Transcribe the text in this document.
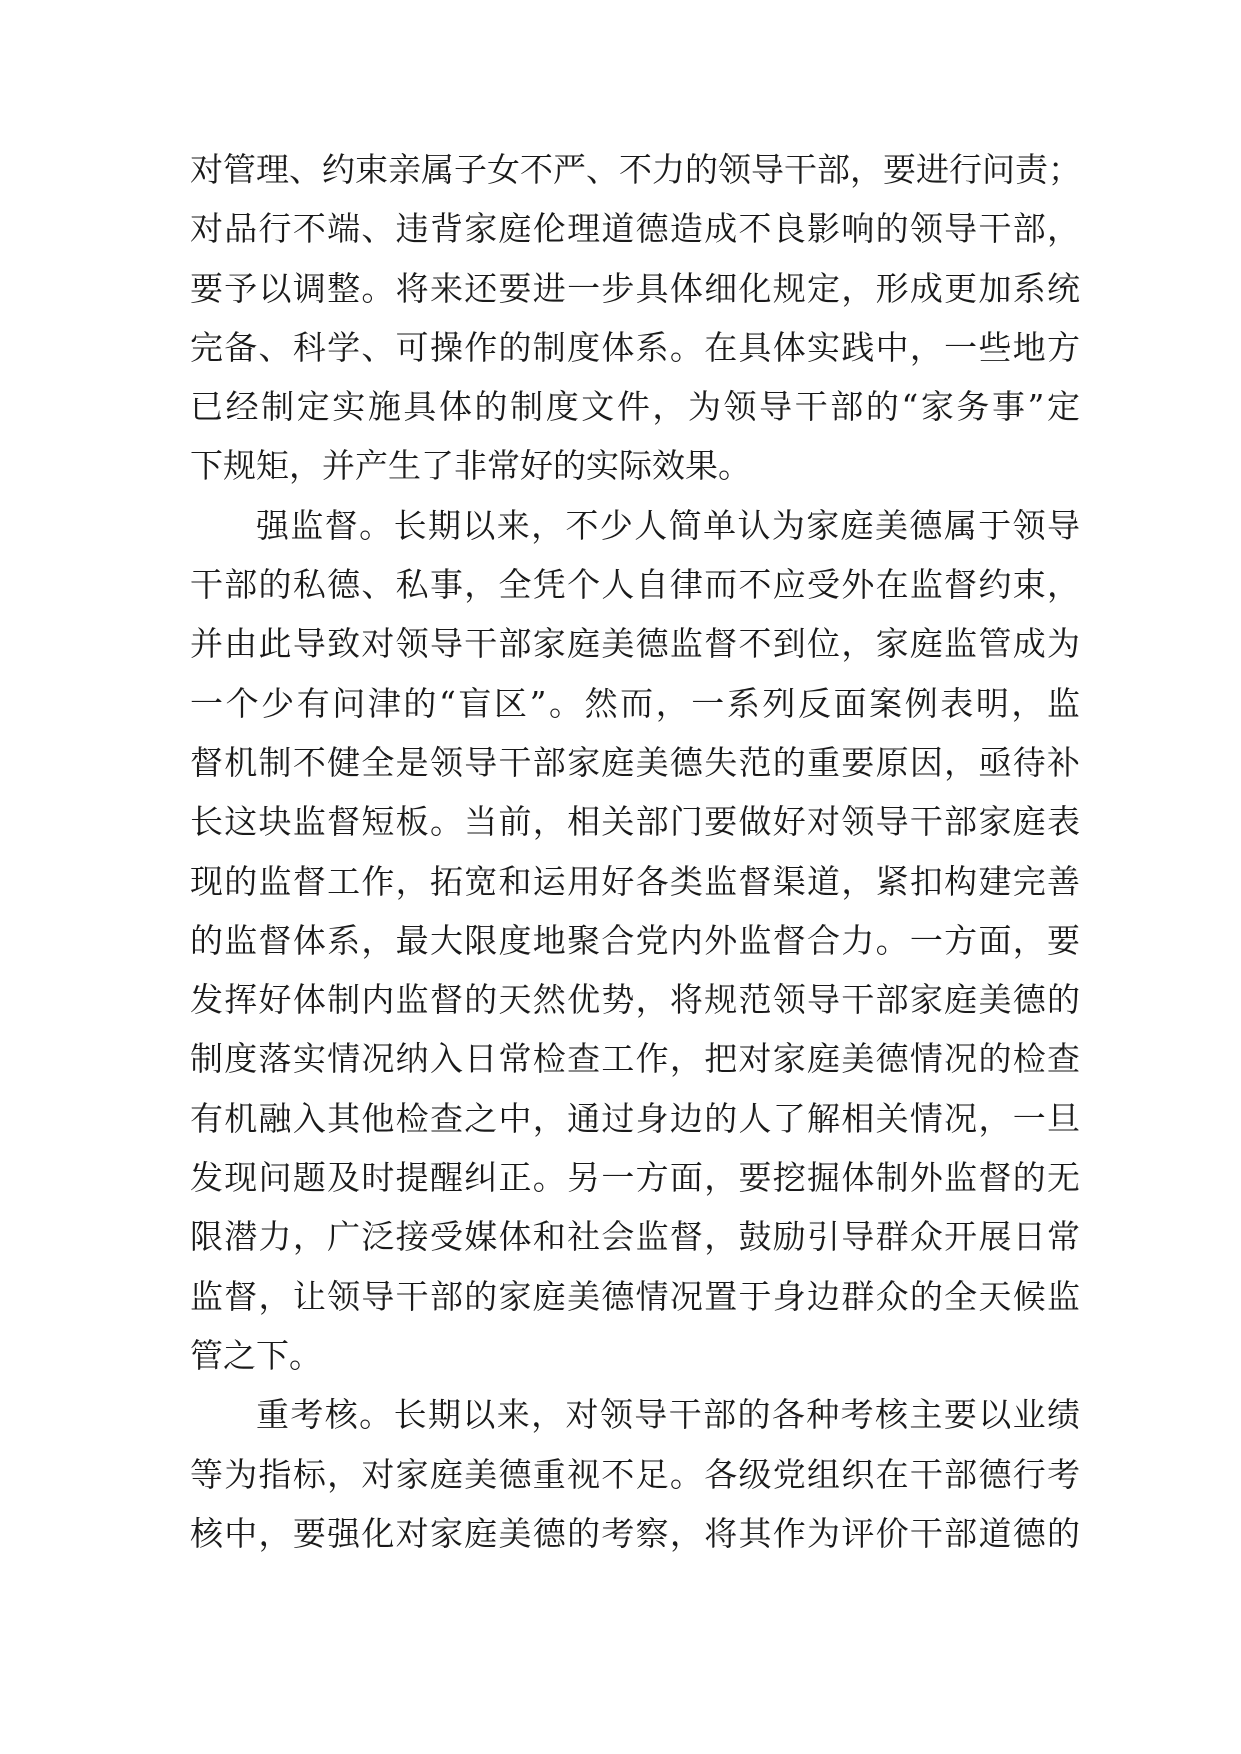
对管理、约束亲属子女不严、不力的领导干部，要进行问责；
对品行不端、违背家庭伦理道德造成不良影响的领导干部，
要予以调整。将来还要进一步具体细化规定，形成更加系统
完备、科学、可操作的制度体系。在具体实践中，一些地方
已经制定实施具体的制度文件，为领导干部的“家务事”定
下规矩，并产生了非常好的实际效果。
强监督。长期以来，不少人简单认为家庭美德属于领导
干部的私德、私事，全凭个人自律而不应受外在监督约束，
并由此导致对领导干部家庭美德监督不到位，家庭监管成为
一个少有问津的“盲区”。然而，一系列反面案例表明，监
督机制不健全是领导干部家庭美德失范的重要原因，亟待补
长这块监督短板。当前，相关部门要做好对领导干部家庭表
现的监督工作，拓宽和运用好各类监督渠道，紧扣构建完善
的监督体系，最大限度地聚合党内外监督合力。一方面，要
发挥好体制内监督的天然优势，将规范领导干部家庭美德的
制度落实情况纳入日常检查工作，把对家庭美德情况的检查
有机融入其他检查之中，通过身边的人了解相关情况，一旦
发现问题及时提醒纠正。另一方面，要挖掘体制外监督的无
限潜力，广泛接受媒体和社会监督，鼓励引导群众开展日常
监督，让领导干部的家庭美德情况置于身边群众的全天候监
管之下。
重考核。长期以来，对领导干部的各种考核主要以业绩
等为指标，对家庭美德重视不足。各级党组织在干部德行考
核中，要强化对家庭美德的考察，将其作为评价干部道德的
